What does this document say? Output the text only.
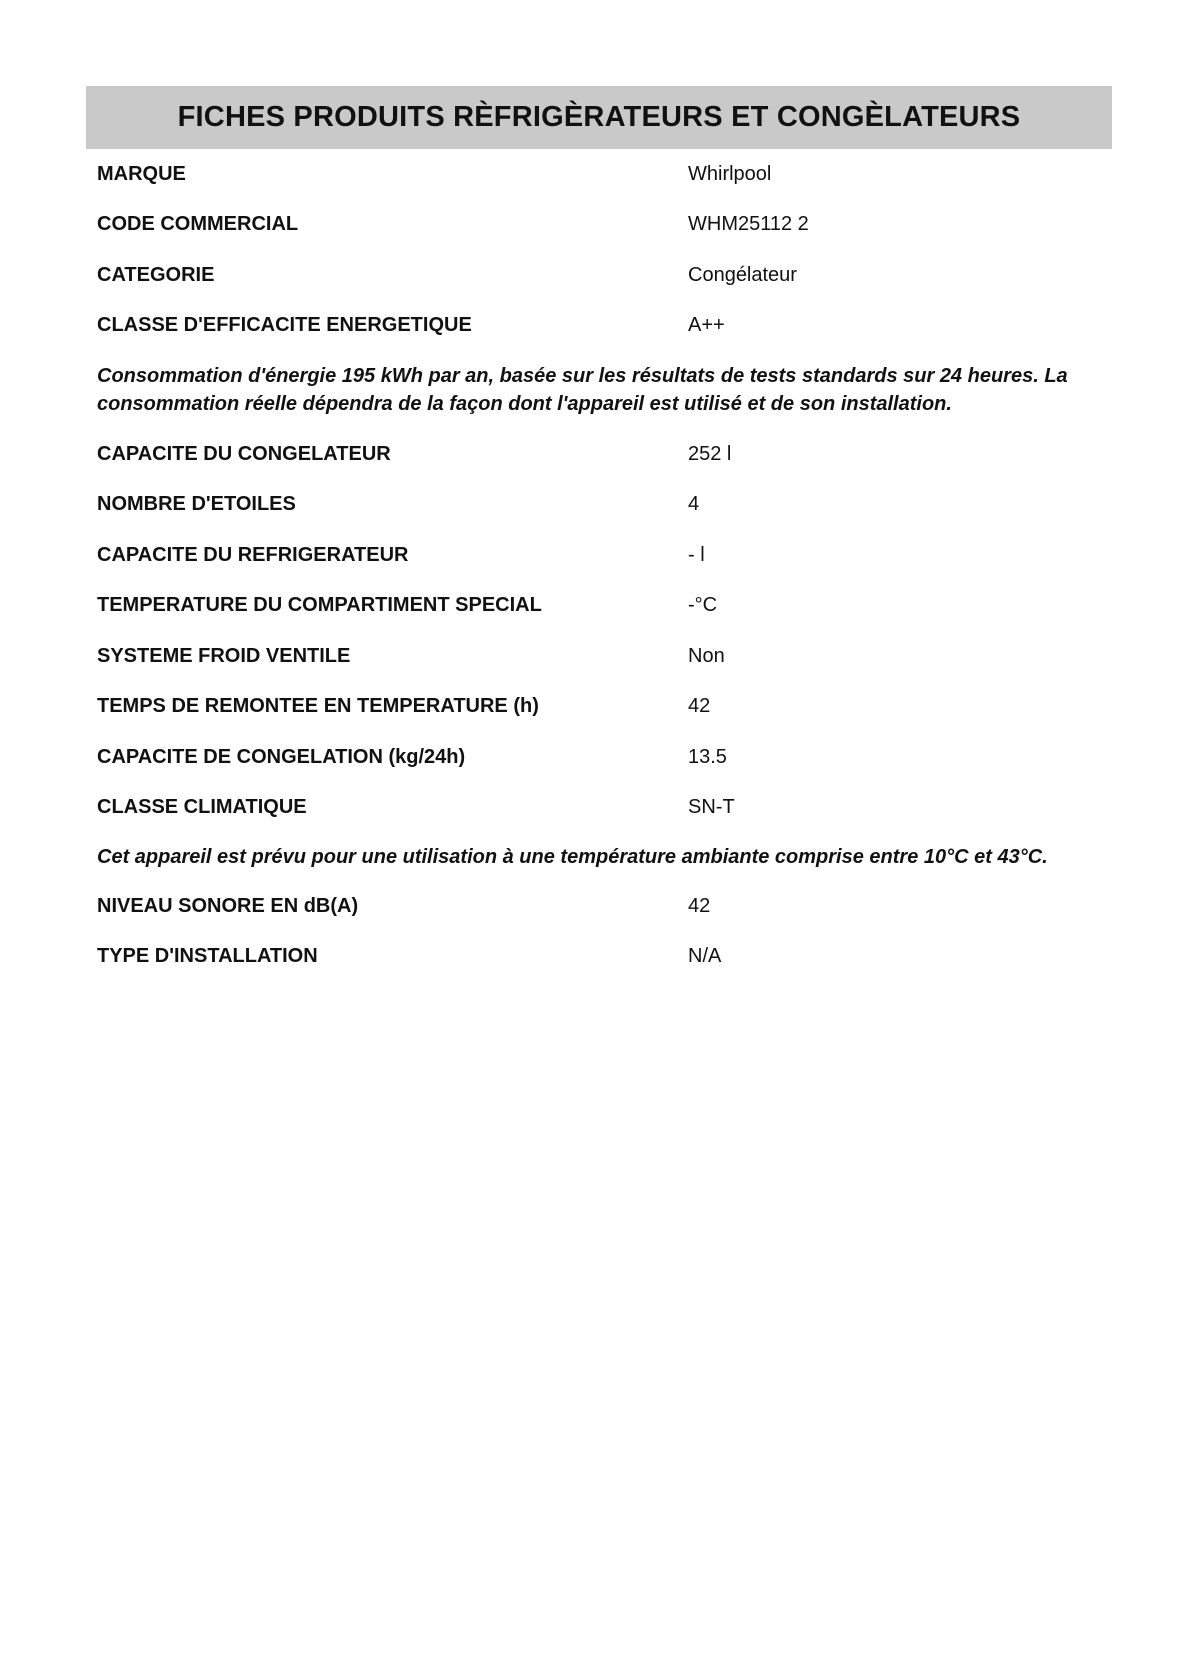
FICHES PRODUITS RÈFRIGÈRATEURS ET CONGÈLATEURS
MARQUE	Whirlpool
CODE COMMERCIAL	WHM25112 2
CATEGORIE	Congélateur
CLASSE D'EFFICACITE ENERGETIQUE	A++
Consommation d'énergie 195 kWh par an, basée sur les résultats de tests standards sur 24 heures. La consommation réelle dépendra de la façon dont l'appareil est utilisé et de son installation.
CAPACITE DU CONGELATEUR	252 l
NOMBRE D'ETOILES	4
CAPACITE DU REFRIGERATEUR	- l
TEMPERATURE DU COMPARTIMENT SPECIAL	-°C
SYSTEME FROID VENTILE	Non
TEMPS DE REMONTEE EN TEMPERATURE (h)	42
CAPACITE DE CONGELATION (kg/24h)	13.5
CLASSE CLIMATIQUE	SN-T
Cet appareil est prévu pour une utilisation à une température ambiante comprise entre 10°C et 43°C.
NIVEAU SONORE EN dB(A)	42
TYPE D'INSTALLATION	N/A
